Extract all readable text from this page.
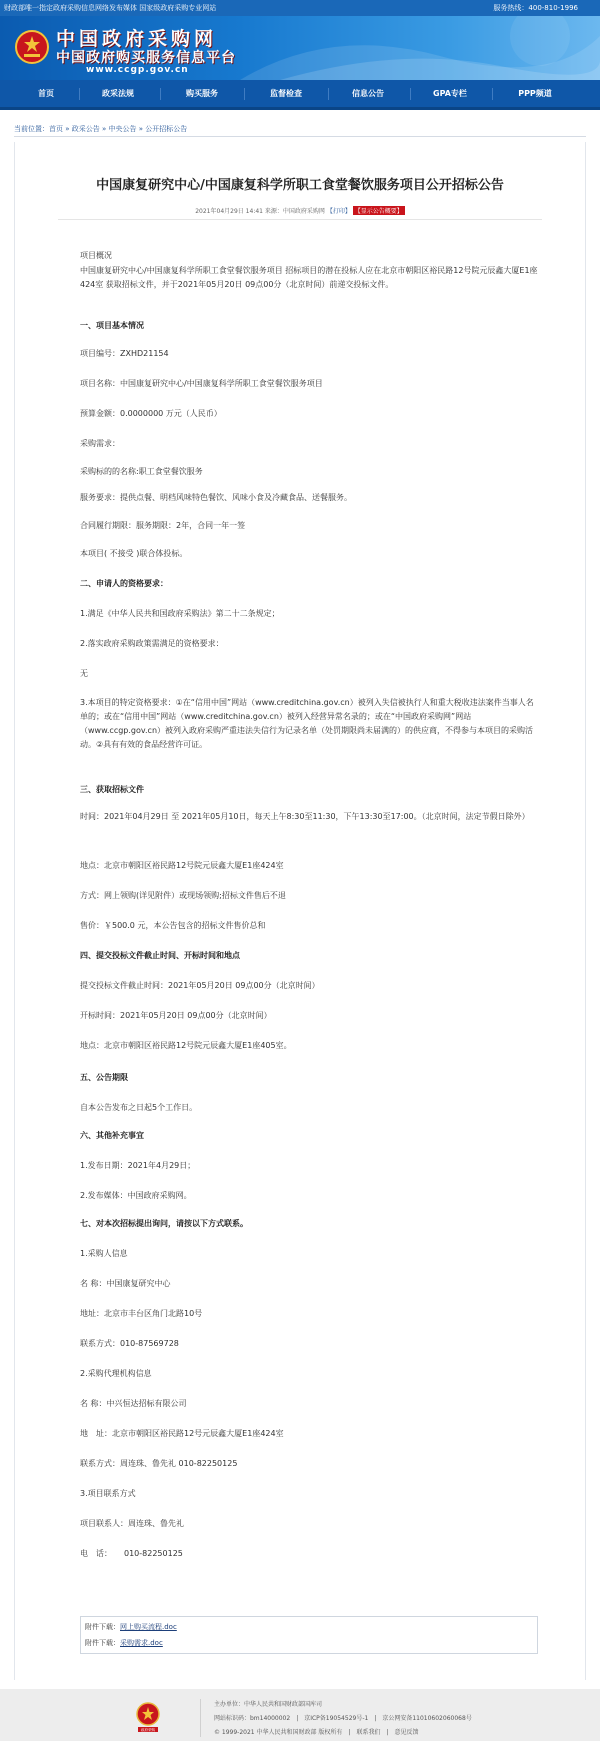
财政部唯一指定政府采购信息网络发布媒体 国家级政府采购专业网站	服务热线：400-810-1996
中国政府采购网
中国政府购买服务信息平台
www.ccgp.gov.cn
首页	政采法规	购买服务	监督检查	信息公告	GPA专栏	PPP频道
当前位置：首页 » 政采公告 » 中央公告 » 公开招标公告
中国康复研究中心/中国康复科学所职工食堂餐饮服务项目公开招标公告
2021年04月29日 14:41 来源：中国政府采购网 【打印】 【显示公告概要】
项目概况
中国康复研究中心/中国康复科学所职工食堂餐饮服务项目 招标项目的潜在投标人应在北京市朝阳区裕民路12号院元辰鑫大厦E1座424室 获取招标文件，并于2021年05月20日 09点00分（北京时间）前递交投标文件。
一、项目基本情况
项目编号：ZXHD21154
项目名称：中国康复研究中心/中国康复科学所职工食堂餐饮服务项目
预算金额：0.0000000 万元（人民币）
采购需求：
采购标的的名称:职工食堂餐饮服务
服务要求：提供点餐、明档风味特色餐饮、风味小食及冷藏食品、送餐服务。
合同履行期限：服务期限：2年，合同一年一签
本项目( 不接受 )联合体投标。
二、申请人的资格要求：
1.满足《中华人民共和国政府采购法》第二十二条规定；
2.落实政府采购政策需满足的资格要求：
无
3.本项目的特定资格要求：①在“信用中国”网站（www.creditchina.gov.cn）被列入失信被执行人和重大税收违法案件当事人名单的；或在“信用中国”网站（www.creditchina.gov.cn）被列入经营异常名录的；或在“中国政府采购网”网站（www.ccgp.gov.cn）被列入政府采购严重违法失信行为记录名单（处罚期限尚未届满的）的供应商，不得参与本项目的采购活动。②具有有效的食品经营许可证。
三、获取招标文件
时间：2021年04月29日 至 2021年05月10日，每天上午8:30至11:30，下午13:30至17:00。（北京时间，法定节假日除外）
地点：北京市朝阳区裕民路12号院元辰鑫大厦E1座424室
方式：网上领购(详见附件）或现场领购;招标文件售后不退
售价：￥500.0 元，本公告包含的招标文件售价总和
四、提交投标文件截止时间、开标时间和地点
提交投标文件截止时间：2021年05月20日 09点00分（北京时间）
开标时间：2021年05月20日 09点00分（北京时间）
地点：北京市朝阳区裕民路12号院元辰鑫大厦E1座405室。
五、公告期限
自本公告发布之日起5个工作日。
六、其他补充事宜
1.发布日期：2021年4月29日；
2.发布媒体：中国政府采购网。
七、对本次招标提出询问，请按以下方式联系。
1.采购人信息
名 称：中国康复研究中心
地址：北京市丰台区角门北路10号
联系方式：010-87569728
2.采购代理机构信息
名 称：中兴恒达招标有限公司
地　址：北京市朝阳区裕民路12号元辰鑫大厦E1座424室
联系方式：周连珠、鲁先礼 010-82250125
3.项目联系方式
项目联系人：周连珠、鲁先礼
电　话：　　010-82250125
附件下载：网上购买流程.doc
附件下载：采购需求.doc
政府采购
主办单位：中华人民共和国财政部国库司
网站标识码：bm14000002　|　京ICP备19054529号-1　|　京公网安备11010602060068号
© 1999-2021 中华人民共和国财政部 版权所有　|　联系我们　|　意见反馈
